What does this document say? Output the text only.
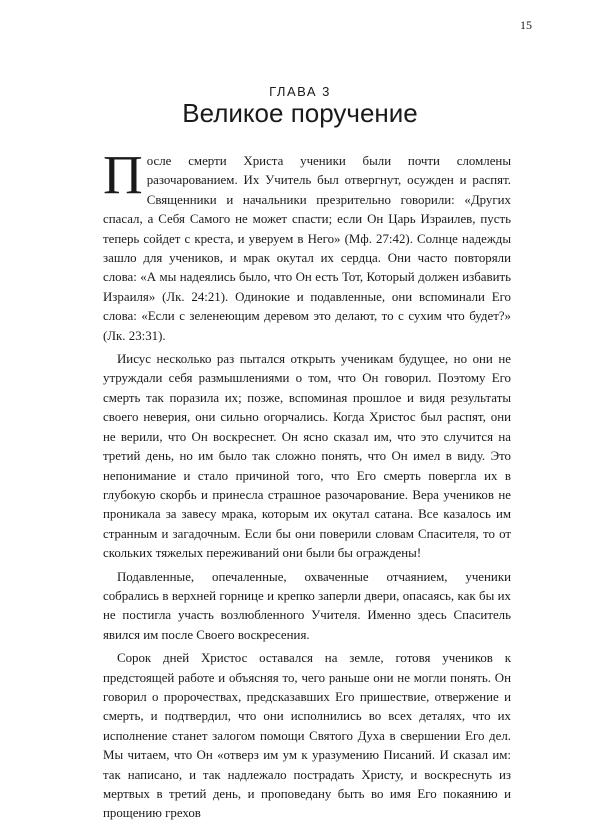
15
ГЛАВА 3
Великое поручение

После смерти Христа ученики были почти сломлены разочарованием. Их Учитель был отвергнут, осужден и распят. Священники и начальники презрительно говорили: «Других спасал, а Себя Самого не может спасти; если Он Царь Израилев, пусть теперь сойдет с креста, и уверуем в Него» (Мф. 27:42). Солнце надежды зашло для учеников, и мрак окутал их сердца. Они часто повторяли слова: «А мы надеялись было, что Он есть Тот, Который должен избавить Израиля» (Лк. 24:21). Одинокие и подавленные, они вспоминали Его слова: «Если с зеленеющим деревом это делают, то с сухим что будет?» (Лк. 23:31).

Иисус несколько раз пытался открыть ученикам будущее, но они не утруждали себя размышлениями о том, что Он говорил. Поэтому Его смерть так поразила их; позже, вспоминая прошлое и видя результаты своего неверия, они сильно огорчались. Когда Христос был распят, они не верили, что Он воскреснет. Он ясно сказал им, что это случится на третий день, но им было так сложно понять, что Он имел в виду. Это непонимание и стало причиной того, что Его смерть повергла их в глубокую скорбь и принесла страшное разочарование. Вера учеников не проникала за завесу мрака, которым их окутал сатана. Все казалось им странным и загадочным. Если бы они поверили словам Спасителя, то от скольких тяжелых переживаний они были бы ограждены!

Подавленные, опечаленные, охваченные отчаянием, ученики собрались в верхней горнице и крепко заперли двери, опасаясь, как бы их не постигла участь возлюбленного Учителя. Именно здесь Спаситель явился им после Своего воскресения.

Сорок дней Христос оставался на земле, готовя учеников к предстоящей работе и объясняя то, чего раньше они не могли понять. Он говорил о пророчествах, предсказавших Его пришествие, отвержение и смерть, и подтвердил, что они исполнились во всех деталях, что их исполнение станет залогом помощи Святого Духа в свершении Его дел. Мы читаем, что Он «отверз им ум к уразумению Писаний. И сказал им: так написано, и так надлежало пострадать Христу, и воскреснуть из мертвых в третий день, и проповедану быть во имя Его покаянию и прощению грехов
